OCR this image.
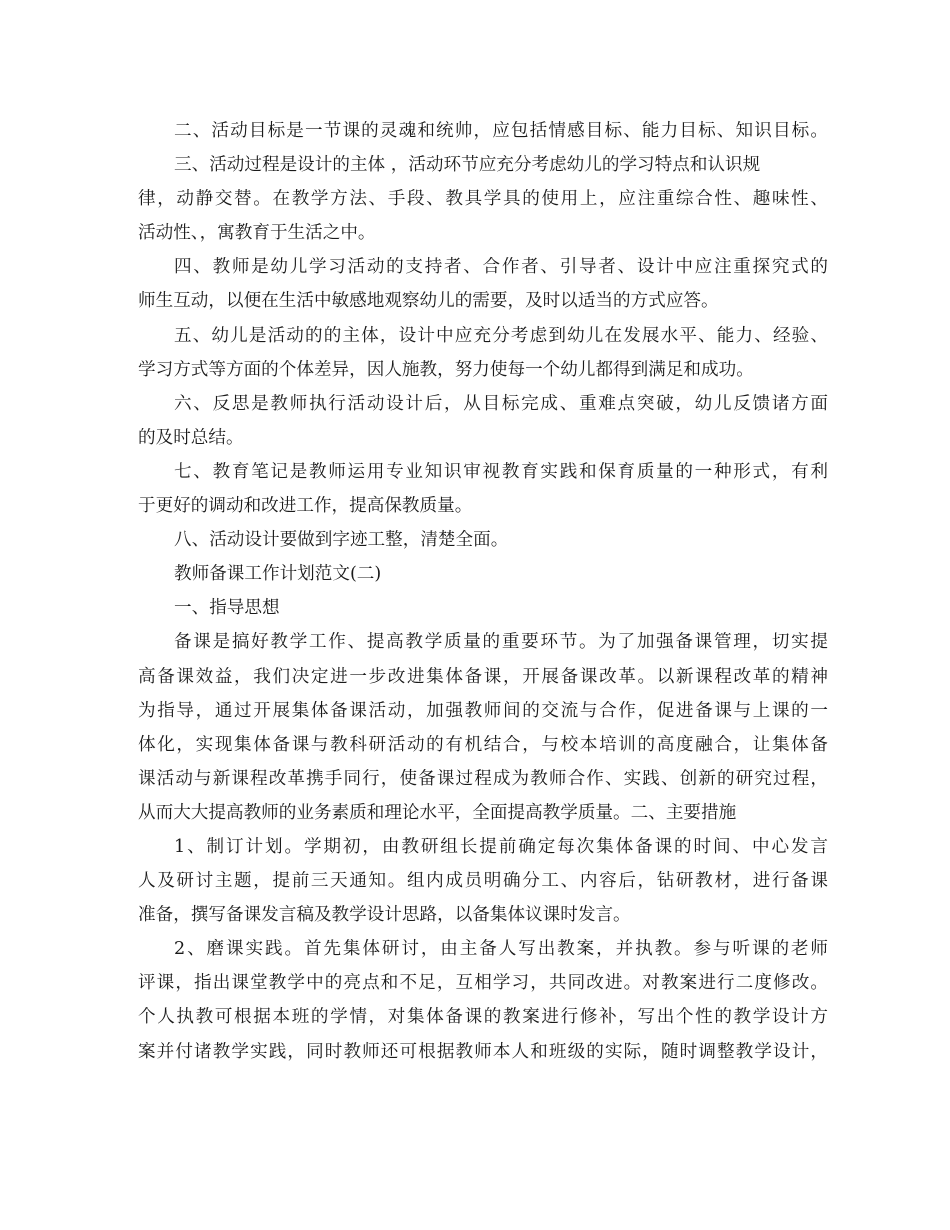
二、活动目标是一节课的灵魂和统帅，应包括情感目标、能力目标、知识目标。
三、活动过程是设计的主体 ，活动环节应充分考虑幼儿的学习特点和认识规
律，动静交替。在教学方法、手段、教具学具的使用上，应注重综合性、趣味性、
活动性、，寓教育于生活之中。
四、教师是幼儿学习活动的支持者、合作者、引导者、设计中应注重探究式的
师生互动，以便在生活中敏感地观察幼儿的需要，及时以适当的方式应答。
五、幼儿是活动的的主体，设计中应充分考虑到幼儿在发展水平、能力、经验、
学习方式等方面的个体差异，因人施教，努力使每一个幼儿都得到满足和成功。
六、反思是教师执行活动设计后，从目标完成、重难点突破，幼儿反馈诸方面
的及时总结。
七、教育笔记是教师运用专业知识审视教育实践和保育质量的一种形式，有利
于更好的调动和改进工作，提高保教质量。
八、活动设计要做到字迹工整，清楚全面。
教师备课工作计划范文(二)
一、指导思想
备课是搞好教学工作、提高教学质量的重要环节。为了加强备课管理，切实提
高备课效益，我们决定进一步改进集体备课，开展备课改革。以新课程改革的精神
为指导，通过开展集体备课活动，加强教师间的交流与合作，促进备课与上课的一
体化，实现集体备课与教科研活动的有机结合，与校本培训的高度融合，让集体备
课活动与新课程改革携手同行，使备课过程成为教师合作、实践、创新的研究过程，
从而大大提高教师的业务素质和理论水平，全面提高教学质量。二、主要措施
1、制订计划。学期初，由教研组长提前确定每次集体备课的时间、中心发言
人及研讨主题，提前三天通知。组内成员明确分工、内容后，钻研教材，进行备课
准备，撰写备课发言稿及教学设计思路，以备集体议课时发言。
2、磨课实践。首先集体研讨，由主备人写出教案，并执教。参与听课的老师
评课，指出课堂教学中的亮点和不足，互相学习，共同改进。对教案进行二度修改。
个人执教可根据本班的学情，对集体备课的教案进行修补，写出个性的教学设计方
案并付诸教学实践，同时教师还可根据教师本人和班级的实际，随时调整教学设计，
